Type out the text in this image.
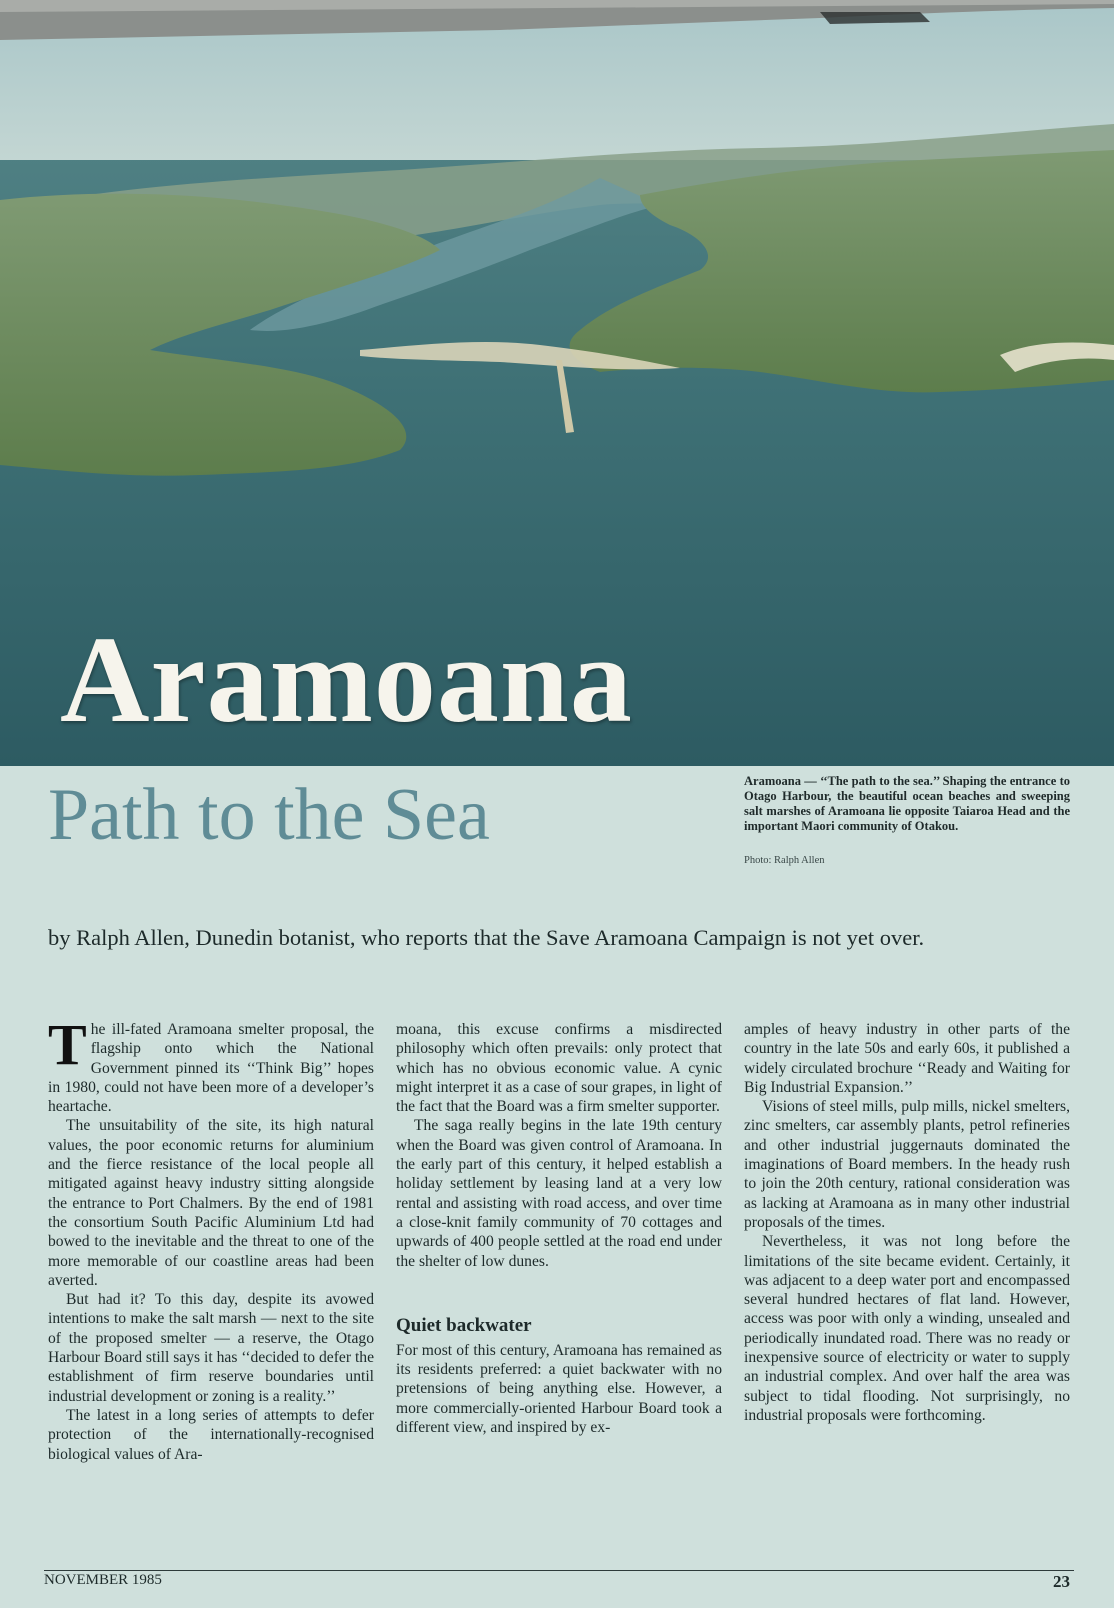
Aramoana
Path to the Sea	Aramoana — ‘‘The path to the sea.’’ Shaping the entrance to Otago Harbour, the beautiful ocean beaches and sweeping salt marshes of Aramoana lie opposite Taiaroa Head and the important Maori community of Otakou.
Photo: Ralph Allen

by Ralph Allen, Dunedin botanist, who reports that the Save Aramoana Campaign is not yet over.

The ill-fated Aramoana smelter proposal, the flagship onto which the National Government pinned its ‘‘Think Big’’ hopes in 1980, could not have been more of a developer’s heartache.

The unsuitability of the site, its high natural values, the poor economic returns for aluminium and the fierce resistance of the local people all mitigated against heavy industry sitting alongside the entrance to Port Chalmers. By the end of 1981 the consortium South Pacific Aluminium Ltd had bowed to the inevitable and the threat to one of the more memorable of our coastline areas had been averted.

But had it? To this day, despite its avowed intentions to make the salt marsh — next to the site of the proposed smelter — a reserve, the Otago Harbour Board still says it has ‘‘decided to defer the establishment of firm reserve boundaries until industrial development or zoning is a reality.’’

The latest in a long series of attempts to defer protection of the internationally-recognised biological values of Ara-

moana, this excuse confirms a misdirected philosophy which often prevails: only protect that which has no obvious economic value. A cynic might interpret it as a case of sour grapes, in light of the fact that the Board was a firm smelter supporter.

The saga really begins in the late 19th century when the Board was given control of Aramoana. In the early part of this century, it helped establish a holiday settlement by leasing land at a very low rental and assisting with road access, and over time a close-knit family community of 70 cottages and upwards of 400 people settled at the road end under the shelter of low dunes.

Quiet backwater

For most of this century, Aramoana has remained as its residents preferred: a quiet backwater with no pretensions of being anything else. However, a more commercially-oriented Harbour Board took a different view, and inspired by ex-

amples of heavy industry in other parts of the country in the late 50s and early 60s, it published a widely circulated brochure ‘‘Ready and Waiting for Big Industrial Expansion.’’

Visions of steel mills, pulp mills, nickel smelters, zinc smelters, car assembly plants, petrol refineries and other industrial juggernauts dominated the imaginations of Board members. In the heady rush to join the 20th century, rational consideration was as lacking at Aramoana as in many other industrial proposals of the times.

Nevertheless, it was not long before the limitations of the site became evident. Certainly, it was adjacent to a deep water port and encompassed several hundred hectares of flat land. However, access was poor with only a winding, unsealed and periodically inundated road. There was no ready or inexpensive source of electricity or water to supply an industrial complex. And over half the area was subject to tidal flooding. Not surprisingly, no industrial proposals were forthcoming.

NOVEMBER 1985	23
